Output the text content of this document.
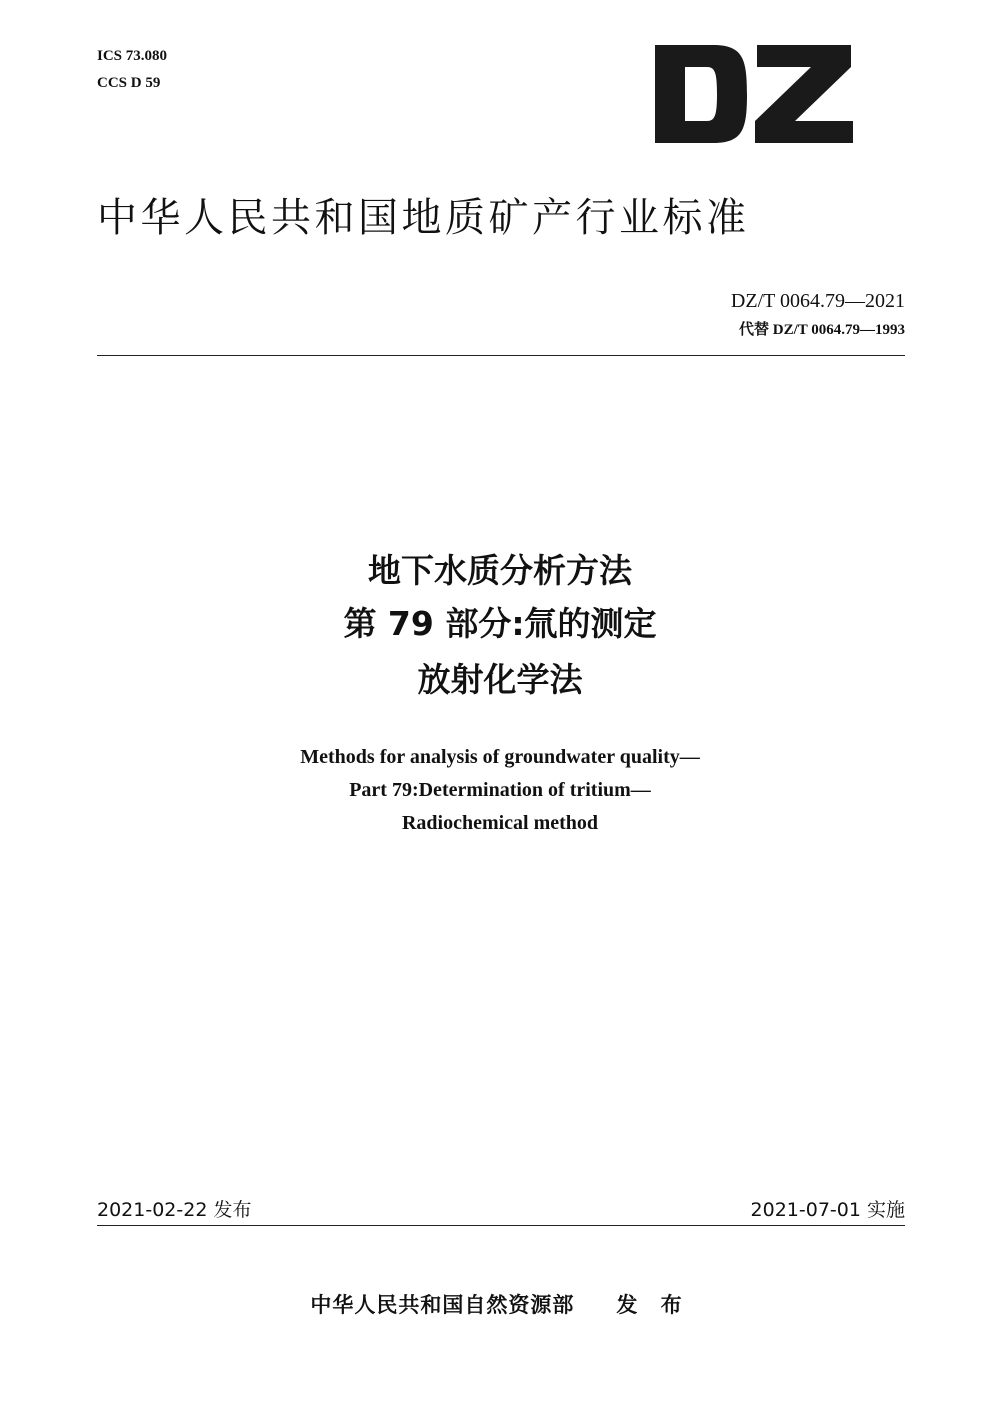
ICS 73.080
CCS D 59
中华人民共和国地质矿产行业标准
DZ/T 0064.79—2021
代替 DZ/T 0064.79—1993
地下水质分析方法
第 79 部分:氚的测定
放射化学法
Methods for analysis of groundwater quality—
Part 79:Determination of tritium—
Radiochemical method
2021-02-22 发布	2021-07-01 实施
中华人民共和国自然资源部 发 布
